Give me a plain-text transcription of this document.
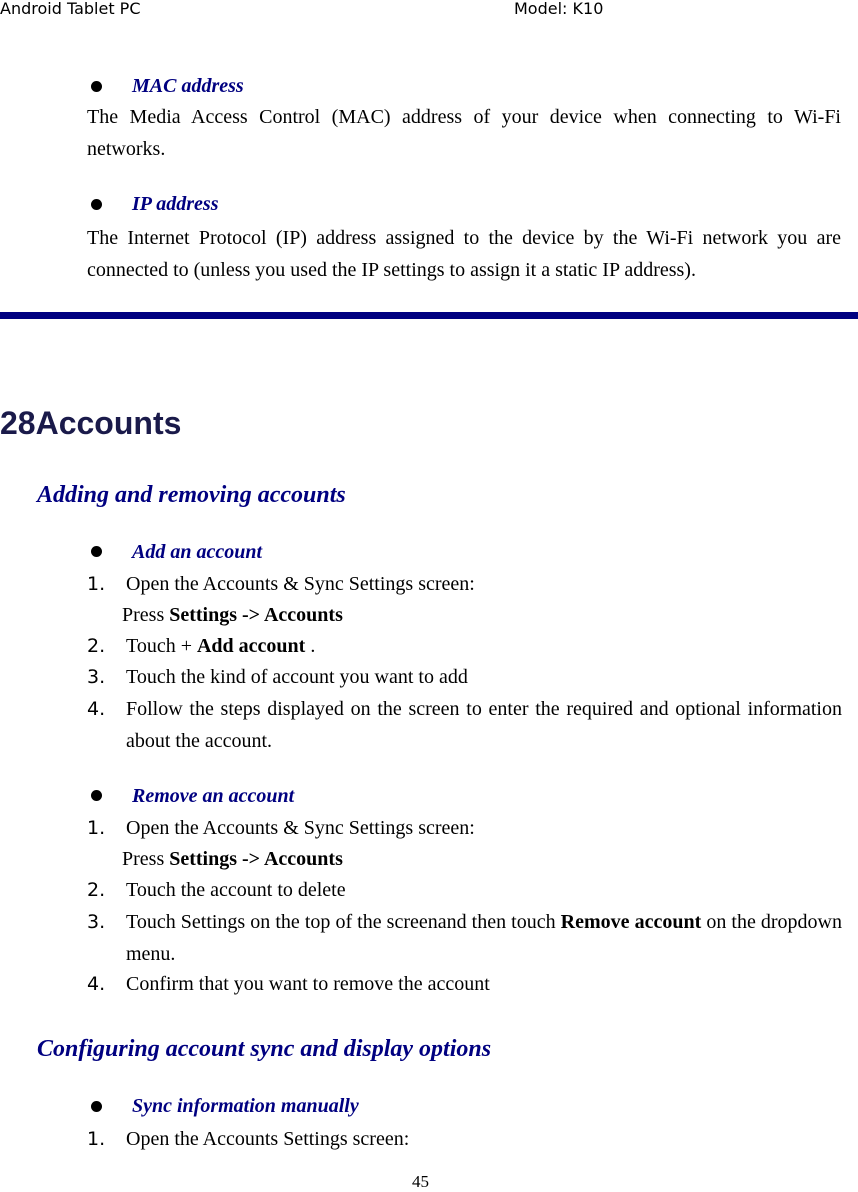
Android Tablet PC	Model: K10
MAC address
The Media Access Control (MAC) address of your device when connecting to Wi-Fi networks.
IP address
The Internet Protocol (IP) address assigned to the device by the Wi-Fi network you are connected to (unless you used the IP settings to assign it a static IP address).
28Accounts
Adding and removing accounts
Add an account
1. Open the Accounts & Sync Settings screen:
Press Settings -> Accounts
2. Touch + Add account .
3. Touch the kind of account you want to add
4. Follow the steps displayed on the screen to enter the required and optional information about the account.
Remove an account
1. Open the Accounts & Sync Settings screen:
Press Settings -> Accounts
2. Touch the account to delete
3. Touch Settings on the top of the screenand then touch Remove account on the dropdown menu.
4. Confirm that you want to remove the account
Configuring account sync and display options
Sync information manually
1. Open the Accounts Settings screen:
45
